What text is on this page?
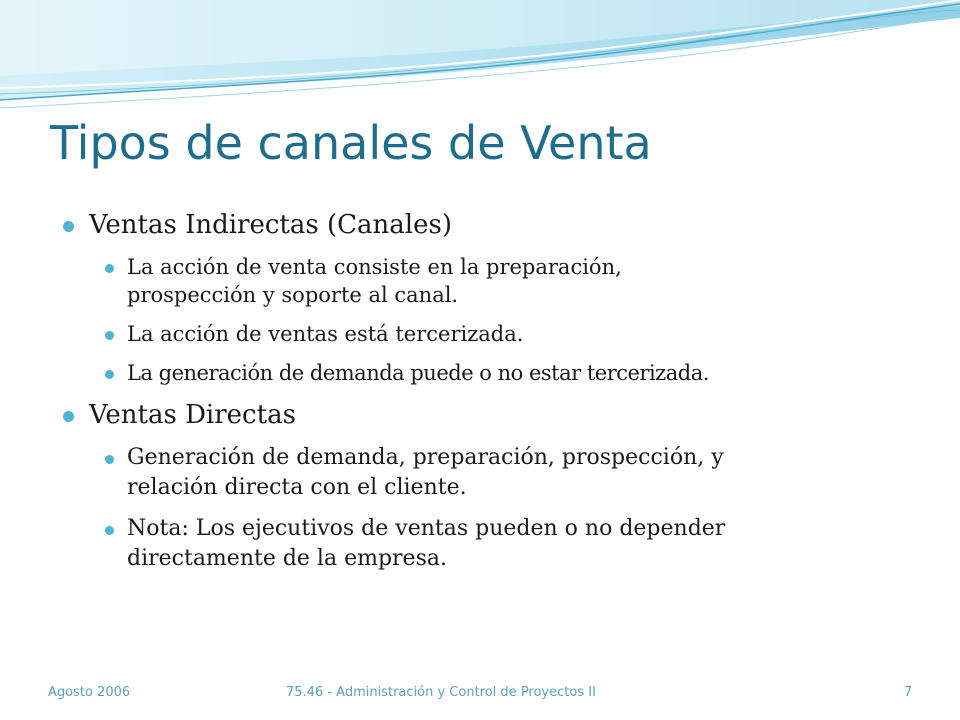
Tipos de canales de Venta
Ventas Indirectas (Canales)
La acción de venta consiste en la preparación,
prospección y soporte al canal.
La acción de ventas está tercerizada.
La generación de demanda puede o no estar tercerizada.
Ventas Directas
Generación de demanda, preparación, prospección, y
relación directa con el cliente.
Nota: Los ejecutivos de ventas pueden o no depender
directamente de la empresa.
Agosto 2006	75.46 - Administración y Control de Proyectos II	7
